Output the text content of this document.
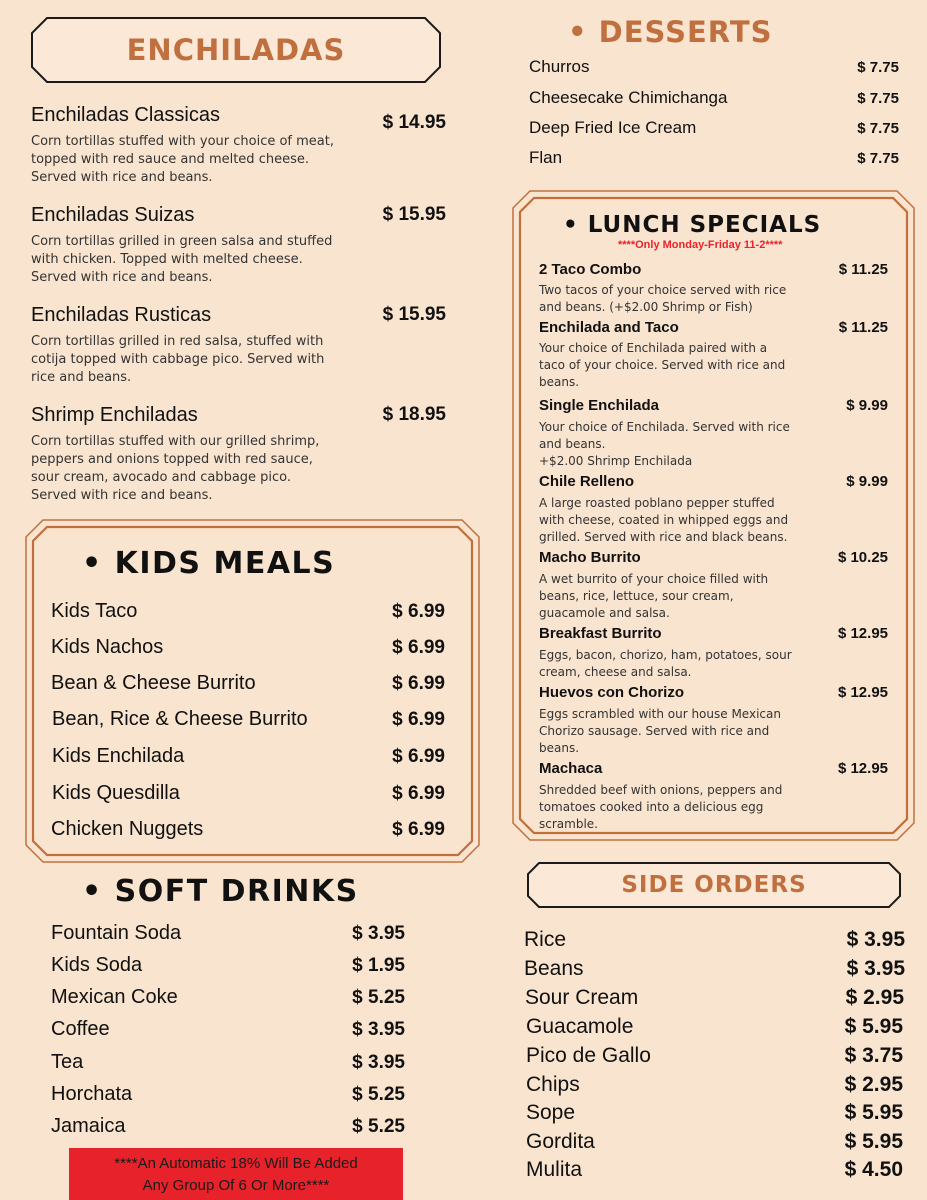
ENCHILADAS
Enchiladas Classicas	$ 14.95
Corn tortillas stuffed with your choice of meat, topped with red sauce and melted cheese. Served with rice and beans.
Enchiladas Suizas	$ 15.95
Corn tortillas grilled in green salsa and stuffed with chicken. Topped with melted cheese. Served with rice and beans.
Enchiladas Rusticas	$ 15.95
Corn tortillas grilled in red salsa, stuffed with cotija topped with cabbage pico. Served with rice and beans.
Shrimp Enchiladas	$ 18.95
Corn tortillas stuffed with our grilled shrimp, peppers and onions topped with red sauce, sour cream, avocado and cabbage pico. Served with rice and beans.
• KIDS MEALS
Kids Taco	$ 6.99
Kids Nachos	$ 6.99
Bean & Cheese Burrito	$ 6.99
Bean, Rice & Cheese Burrito	$ 6.99
Kids Enchilada	$ 6.99
Kids Quesdilla	$ 6.99
Chicken Nuggets	$ 6.99
• SOFT DRINKS
Fountain Soda	$ 3.95
Kids Soda	$ 1.95
Mexican Coke	$ 5.25
Coffee	$ 3.95
Tea	$ 3.95
Horchata	$ 5.25
Jamaica	$ 5.25
****An Automatic 18% Will Be Added
Any Group Of 6 Or More****
• DESSERTS
Churros	$ 7.75
Cheesecake Chimichanga	$ 7.75
Deep Fried Ice Cream	$ 7.75
Flan	$ 7.75
• LUNCH SPECIALS
****Only Monday-Friday 11-2****
2 Taco Combo	$ 11.25
Two tacos of your choice served with rice and beans. (+$2.00 Shrimp or Fish)
Enchilada and Taco	$ 11.25
Your choice of Enchilada paired with a taco of your choice. Served with rice and beans.
Single Enchilada	$ 9.99
Your choice of Enchilada. Served with rice and beans.
+$2.00 Shrimp Enchilada
Chile Relleno	$ 9.99
A large roasted poblano pepper stuffed with cheese, coated in whipped eggs and grilled. Served with rice and black beans.
Macho Burrito	$ 10.25
A wet burrito of your choice filled with beans, rice, lettuce, sour cream, guacamole and salsa.
Breakfast Burrito	$ 12.95
Eggs, bacon, chorizo, ham, potatoes, sour cream, cheese and salsa.
Huevos con Chorizo	$ 12.95
Eggs scrambled with our house Mexican Chorizo sausage. Served with rice and beans.
Machaca	$ 12.95
Shredded beef with onions, peppers and tomatoes cooked into a delicious egg scramble.
SIDE ORDERS
Rice	$ 3.95
Beans	$ 3.95
Sour Cream	$ 2.95
Guacamole	$ 5.95
Pico de Gallo	$ 3.75
Chips	$ 2.95
Sope	$ 5.95
Gordita	$ 5.95
Mulita	$ 4.50
